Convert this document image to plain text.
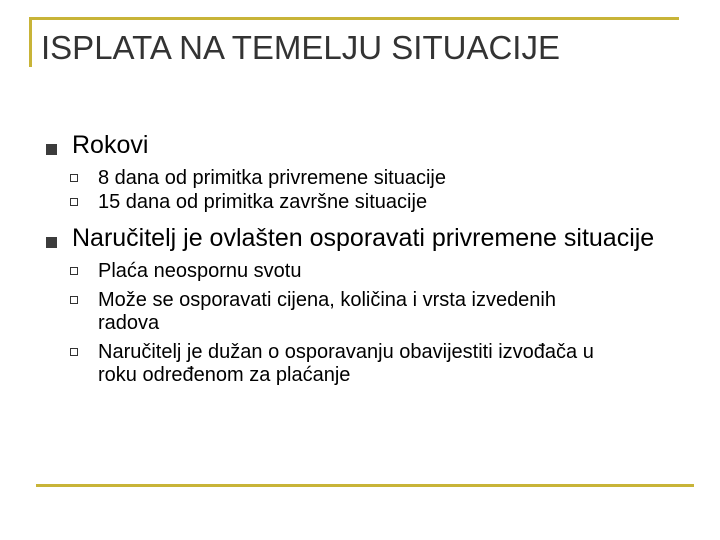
ISPLATA NA TEMELJU SITUACIJE
Rokovi
8 dana od primitka privremene situacije
15 dana od primitka završne situacije
Naručitelj je ovlašten osporavati privremene situacije
Plaća neospornu svotu
Može se osporavati cijena, količina i vrsta izvedenih radova
Naručitelj je dužan o osporavanju obavijestiti izvođača u roku određenom za plaćanje
